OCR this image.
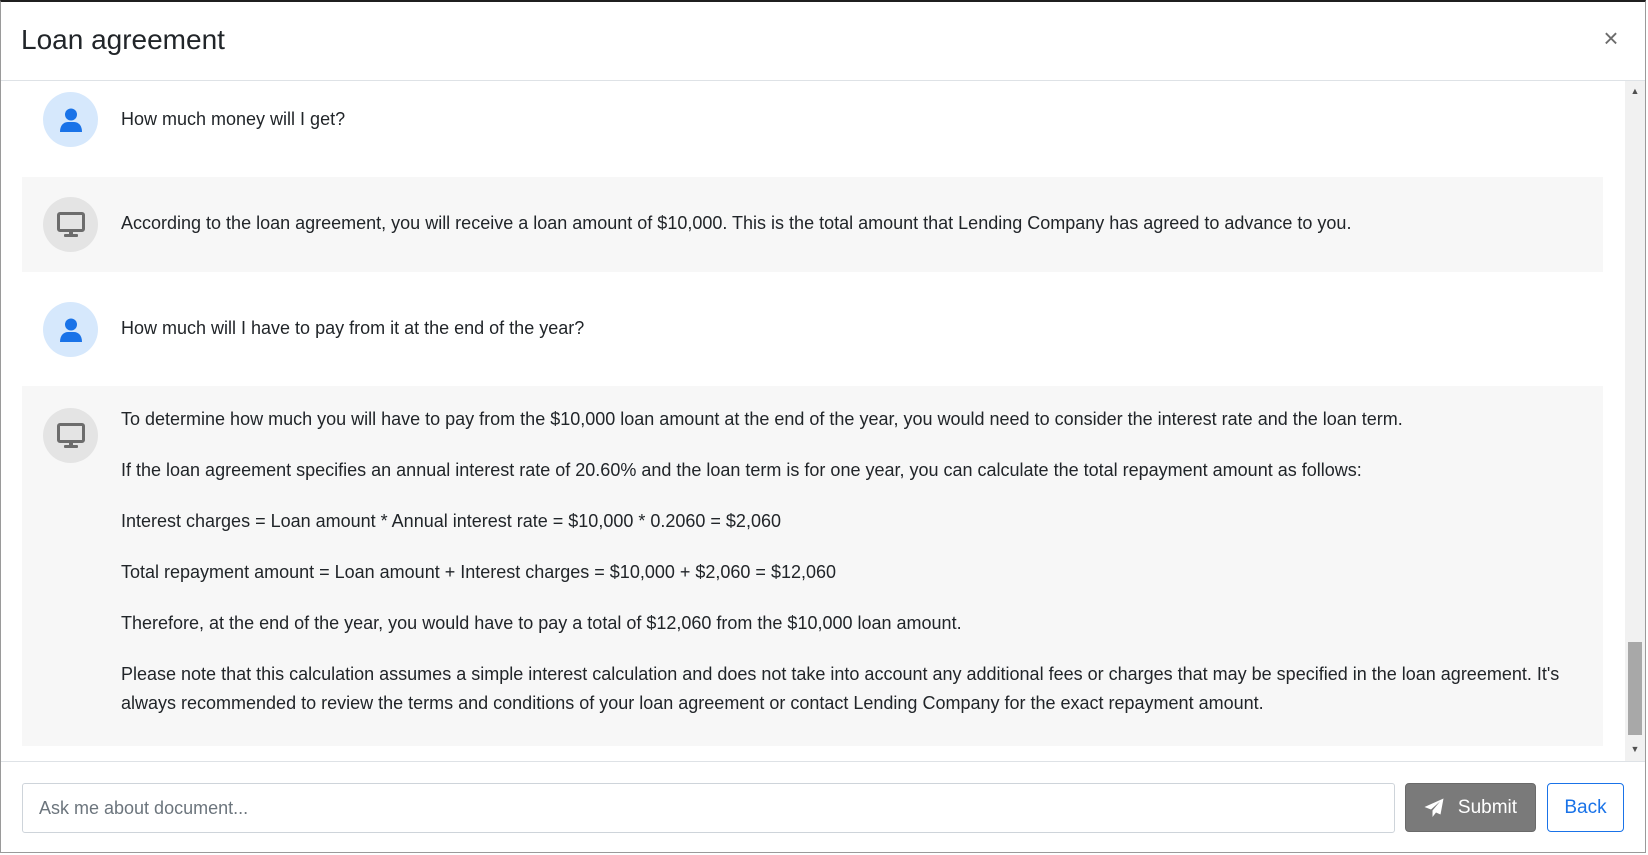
Loan agreement	×

How much money will I get?

According to the loan agreement, you will receive a loan amount of $10,000. This is the total amount that Lending Company has agreed to advance to you.

How much will I have to pay from it at the end of the year?

To determine how much you will have to pay from the $10,000 loan amount at the end of the year, you would need to consider the interest rate and the loan term.

If the loan agreement specifies an annual interest rate of 20.60% and the loan term is for one year, you can calculate the total repayment amount as follows:

Interest charges = Loan amount * Annual interest rate = $10,000 * 0.2060 = $2,060

Total repayment amount = Loan amount + Interest charges = $10,000 + $2,060 = $12,060

Therefore, at the end of the year, you would have to pay a total of $12,060 from the $10,000 loan amount.

Please note that this calculation assumes a simple interest calculation and does not take into account any additional fees or charges that may be specified in the loan agreement. It's always recommended to review the terms and conditions of your loan agreement or contact Lending Company for the exact repayment amount.

▲
▼
Ask me about document...
Submit Back
